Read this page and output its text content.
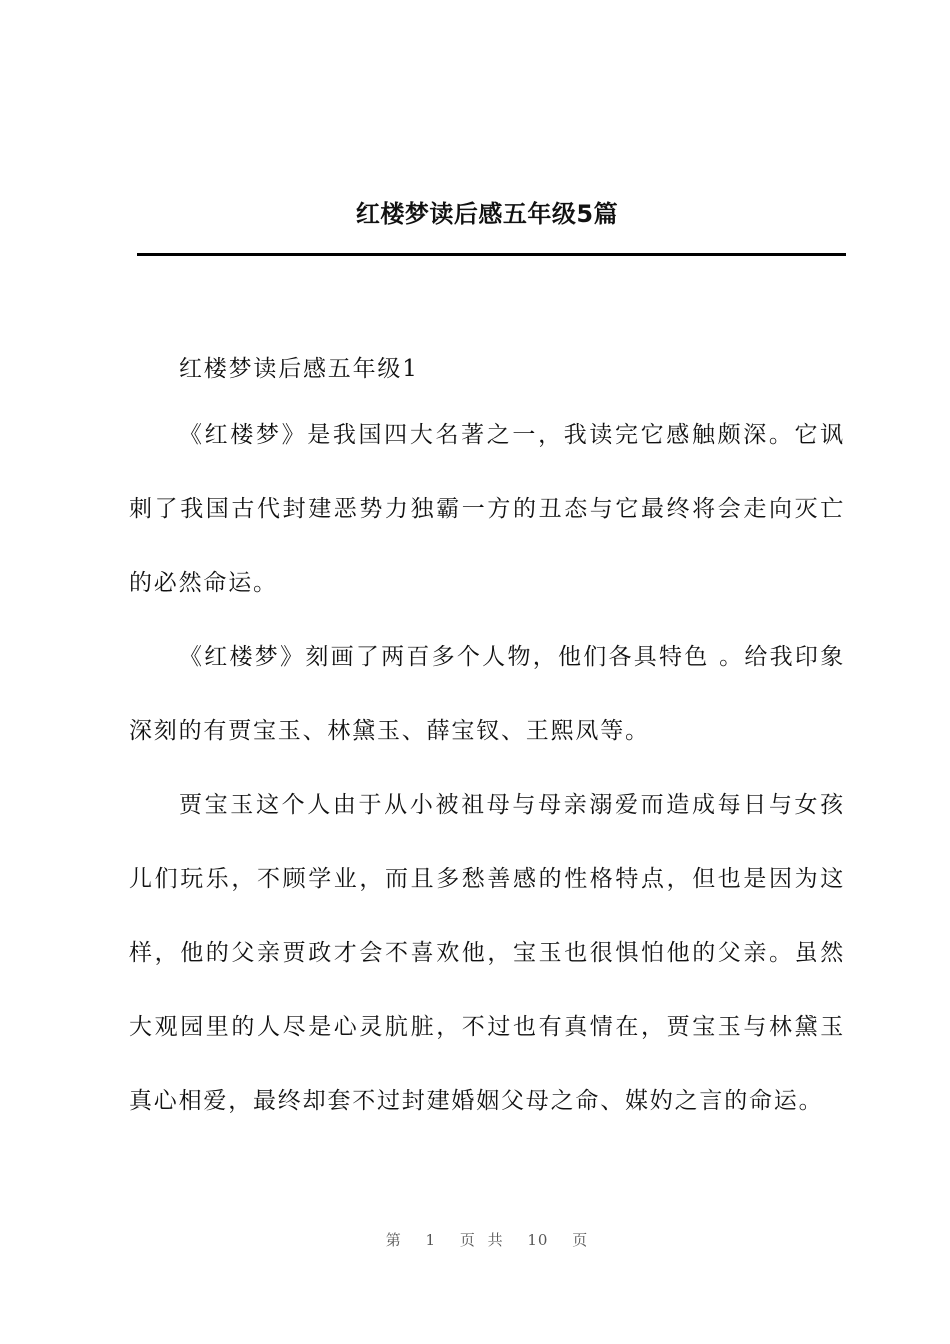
红楼梦读后感五年级5篇

红楼梦读后感五年级1

《红楼梦》是我国四大名著之一，我读完它感触颇深。它讽刺了我国古代封建恶势力独霸一方的丑态与它最终将会走向灭亡的必然命运。

《红楼梦》刻画了两百多个人物，他们各具特色 。给我印象深刻的有贾宝玉、林黛玉、薛宝钗、王熙凤等。

贾宝玉这个人由于从小被祖母与母亲溺爱而造成每日与女孩儿们玩乐，不顾学业，而且多愁善感的性格特点，但也是因为这样，他的父亲贾政才会不喜欢他，宝玉也很惧怕他的父亲。虽然大观园里的人尽是心灵肮脏，不过也有真情在，贾宝玉与林黛玉真心相爱，最终却套不过封建婚姻父母之命、媒妁之言的命运。

第 1 页 共 10 页
